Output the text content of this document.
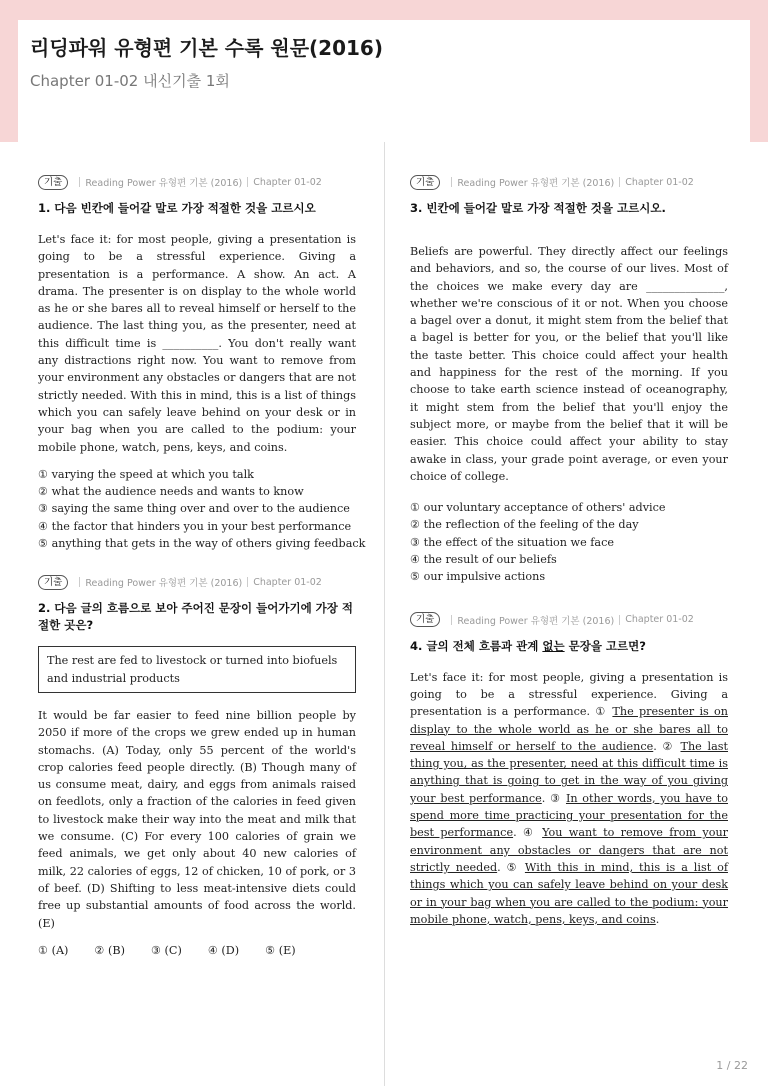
리딩파워 유형편 기본 수록 원문(2016)
Chapter 01-02 내신기출 1회
기출	Reading Power 유형편 기본 (2016) Chapter 01-02
1. 다음 빈칸에 들어갈 말로 가장 적절한 것을 고르시오
Let's face it: for most people, giving a presentation is going to be a stressful experience. Giving a presentation is a performance. A show. An act. A drama. The presenter is on display to the whole world as he or she bares all to reveal himself or herself to the audience. The last thing you, as the presenter, need at this difficult time is __________. You don't really want any distractions right now. You want to remove from your environment any obstacles or dangers that are not strictly needed. With this in mind, this is a list of things which you can safely leave behind on your desk or in your bag when you are called to the podium: your mobile phone, watch, pens, keys, and coins.
① varying the speed at which you talk
② what the audience needs and wants to know
③ saying the same thing over and over to the audience
④ the factor that hinders you in your best performance
⑤ anything that gets in the way of others giving feedback
기출	Reading Power 유형편 기본 (2016) Chapter 01-02
2. 다음 글의 흐름으로 보아 주어진 문장이 들어가기에 가장 적절한 곳은?
The rest are fed to livestock or turned into biofuels and industrial products
It would be far easier to feed nine billion people by 2050 if more of the crops we grew ended up in human stomachs. (A) Today, only 55 percent of the world's crop calories feed people directly. (B) Though many of us consume meat, dairy, and eggs from animals raised on feedlots, only a fraction of the calories in feed given to livestock make their way into the meat and milk that we consume. (C) For every 100 calories of grain we feed animals, we get only about 40 new calories of milk, 22 calories of eggs, 12 of chicken, 10 of pork, or 3 of beef. (D) Shifting to less meat-intensive diets could free up substantial amounts of food across the world. (E)
① (A) ② (B) ③ (C) ④ (D) ⑤ (E)
기출	Reading Power 유형편 기본 (2016) Chapter 01-02
3. 빈칸에 들어갈 말로 가장 적절한 것을 고르시오.
Beliefs are powerful. They directly affect our feelings and behaviors, and so, the course of our lives. Most of the choices we make every day are ______________, whether we're conscious of it or not. When you choose a bagel over a donut, it might stem from the belief that a bagel is better for you, or the belief that you'll like the taste better. This choice could affect your health and happiness for the rest of the morning. If you choose to take earth science instead of oceanography, it might stem from the belief that you'll enjoy the subject more, or maybe from the belief that it will be easier. This choice could affect your ability to stay awake in class, your grade point average, or even your choice of college.
① our voluntary acceptance of others' advice
② the reflection of the feeling of the day
③ the effect of the situation we face
④ the result of our beliefs
⑤ our impulsive actions
기출	Reading Power 유형편 기본 (2016) Chapter 01-02
4. 글의 전체 흐름과 관계 없는 문장을 고르면?
Let's face it: for most people, giving a presentation is going to be a stressful experience. Giving a presentation is a performance. ① The presenter is on display to the whole world as he or she bares all to reveal himself or herself to the audience. ② The last thing you, as the presenter, need at this difficult time is anything that is going to get in the way of you giving your best performance. ③ In other words, you have to spend more time practicing your presentation for the best performance. ④ You want to remove from your environment any obstacles or dangers that are not strictly needed. ⑤ With this in mind, this is a list of things which you can safely leave behind on your desk or in your bag when you are called to the podium: your mobile phone, watch, pens, keys, and coins.
1 / 22
